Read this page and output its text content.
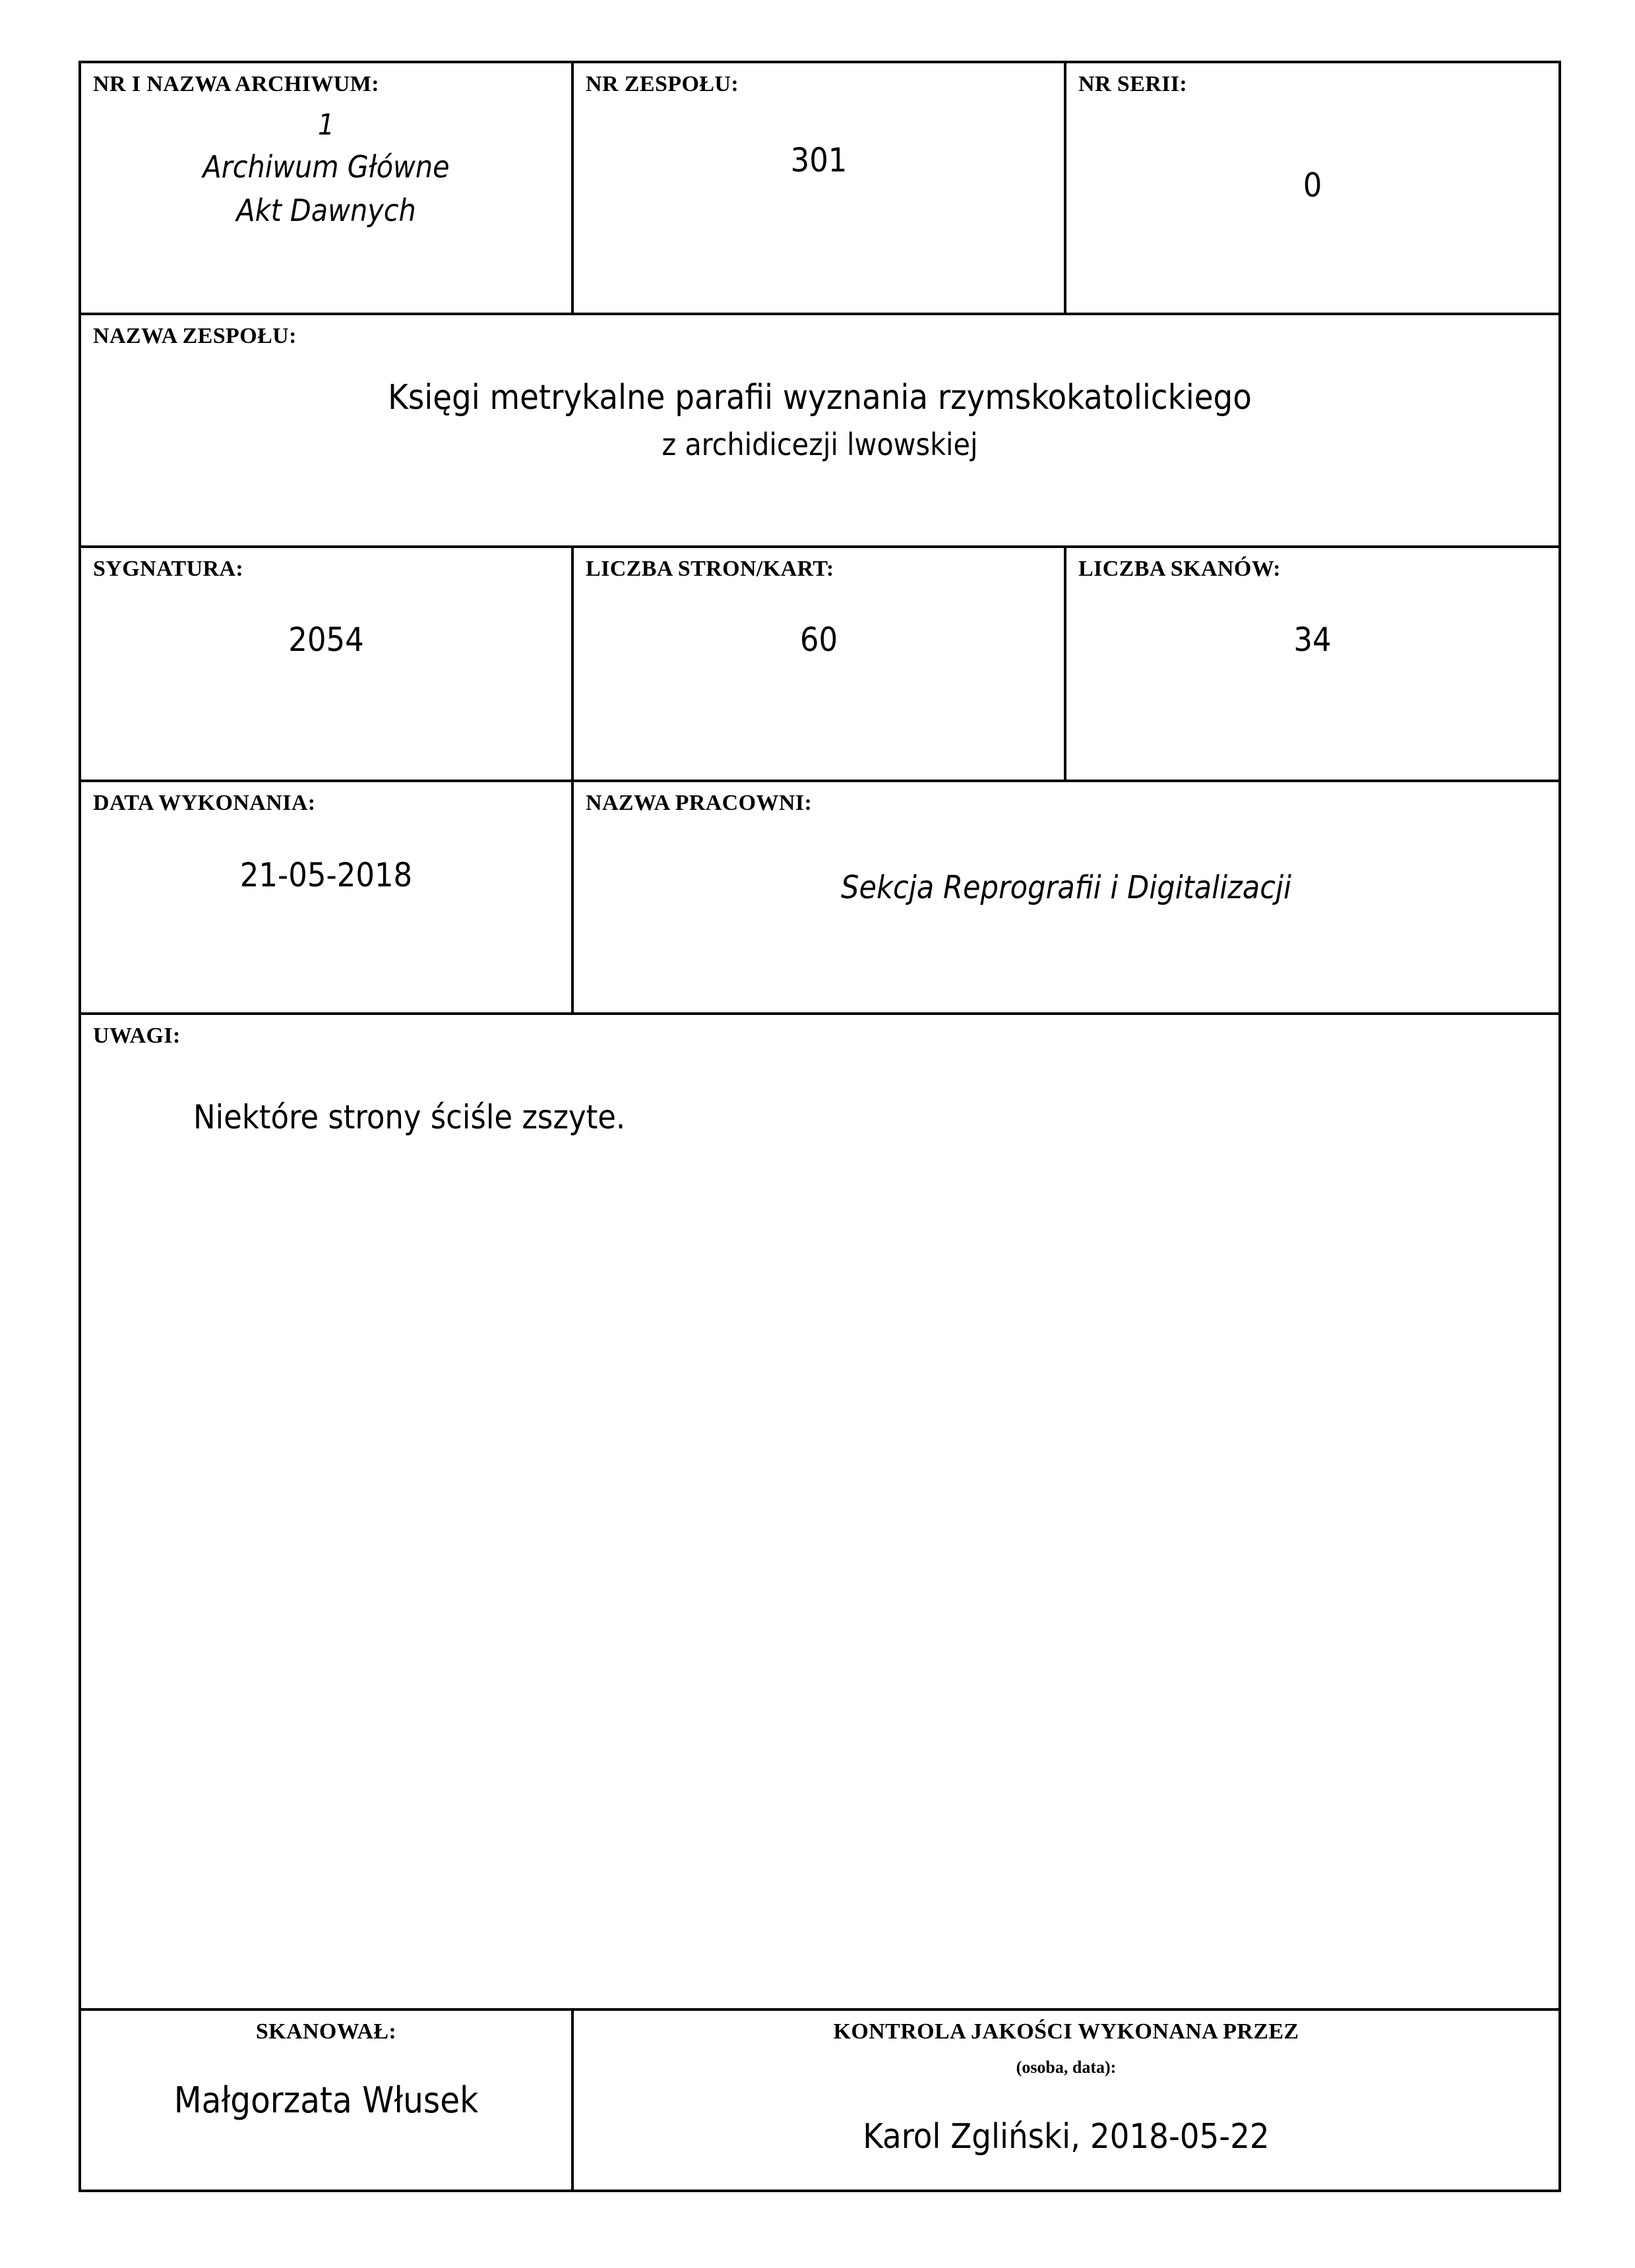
NR I NAZWA ARCHIWUM:
1
Archiwum Główne
Akt Dawnych	NR ZESPOŁU:
301	NR SERII:
0

NAZWA ZESPOŁU:
Księgi metrykalne parafii wyznania rzymskokatolickiego
z archidicezji lwowskiej		

SYGNATURA:
2054	LICZBA STRON/KART:
60	LICZBA SKANÓW:
34

DATA WYKONANIA:
21-05-2018	NAZWA PRACOWNI:
Sekcja Reprografii i Digitalizacji	

UWAGI:
Niektóre strony ściśle zszyte.		

SKANOWAŁ:
Małgorzata Włusek	KONTROLA JAKOŚCI WYKONANA PRZEZ
(osoba, data):
Karol Zgliński, 2018-05-22	
